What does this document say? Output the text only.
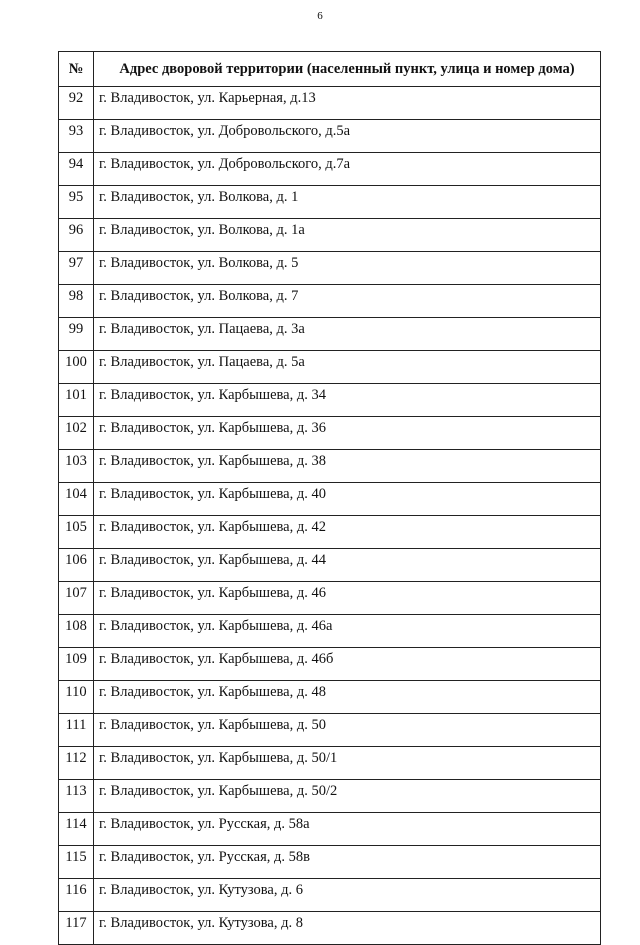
6
№	Адрес дворовой территории (населенный пункт, улица и номер дома)
92	г. Владивосток, ул. Карьерная, д.13
93	г. Владивосток, ул. Добровольского, д.5а
94	г. Владивосток, ул. Добровольского, д.7а
95	г. Владивосток, ул. Волкова, д. 1
96	г. Владивосток, ул. Волкова, д. 1а
97	г. Владивосток, ул. Волкова, д. 5
98	г. Владивосток, ул. Волкова, д. 7
99	г. Владивосток, ул. Пацаева, д. 3а
100	г. Владивосток, ул. Пацаева, д. 5а
101	г. Владивосток, ул. Карбышева, д. 34
102	г. Владивосток, ул. Карбышева, д. 36
103	г. Владивосток, ул. Карбышева, д. 38
104	г. Владивосток, ул. Карбышева, д. 40
105	г. Владивосток, ул. Карбышева, д. 42
106	г. Владивосток, ул. Карбышева, д. 44
107	г. Владивосток, ул. Карбышева, д. 46
108	г. Владивосток, ул. Карбышева, д. 46а
109	г. Владивосток, ул. Карбышева, д. 46б
110	г. Владивосток, ул. Карбышева, д. 48
111	г. Владивосток, ул. Карбышева, д. 50
112	г. Владивосток, ул. Карбышева, д. 50/1
113	г. Владивосток, ул. Карбышева, д. 50/2
114	г. Владивосток, ул. Русская, д. 58а
115	г. Владивосток, ул. Русская, д. 58в
116	г. Владивосток, ул. Кутузова, д. 6
117	г. Владивосток, ул. Кутузова, д. 8
